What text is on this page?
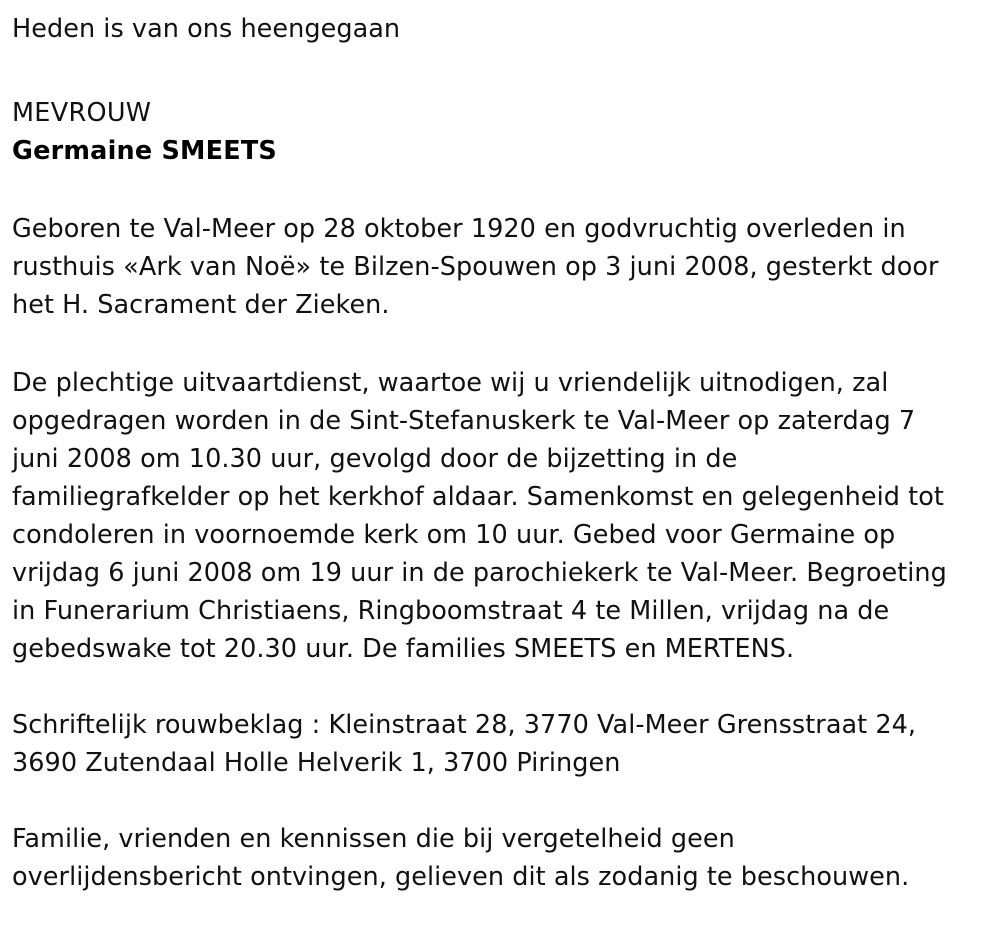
Heden is van ons heengegaan
MEVROUW
Germaine SMEETS
Geboren te Val-Meer op 28 oktober 1920 en godvruchtig overleden in
rusthuis «Ark van Noë» te Bilzen-Spouwen op 3 juni 2008, gesterkt door
het H. Sacrament der Zieken.
De plechtige uitvaartdienst, waartoe wij u vriendelijk uitnodigen, zal
opgedragen worden in de Sint-Stefanuskerk te Val-Meer op zaterdag 7
juni 2008 om 10.30 uur, gevolgd door de bijzetting in de
familiegrafkelder op het kerkhof aldaar. Samenkomst en gelegenheid tot
condoleren in voornoemde kerk om 10 uur. Gebed voor Germaine op
vrijdag 6 juni 2008 om 19 uur in de parochiekerk te Val-Meer. Begroeting
in Funerarium Christiaens, Ringboomstraat 4 te Millen, vrijdag na de
gebedswake tot 20.30 uur. De families SMEETS en MERTENS.
Schriftelijk rouwbeklag : Kleinstraat 28, 3770 Val-Meer Grensstraat 24,
3690 Zutendaal Holle Helverik 1, 3700 Piringen
Familie, vrienden en kennissen die bij vergetelheid geen
overlijdensbericht ontvingen, gelieven dit als zodanig te beschouwen.
